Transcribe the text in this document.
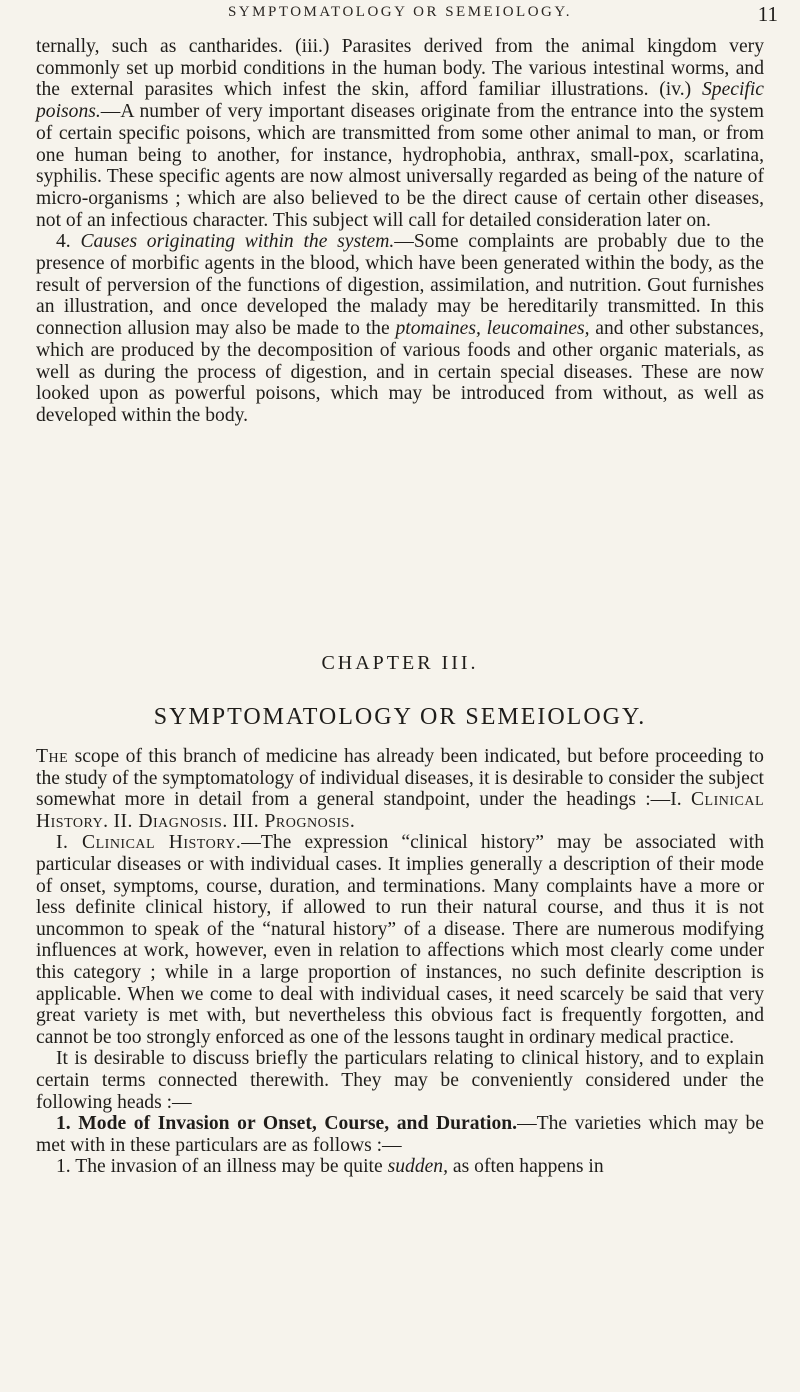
SYMPTOMATOLOGY OR SEMEIOLOGY.	11

ternally, such as cantharides. (iii.) Parasites derived from the animal kingdom very commonly set up morbid conditions in the human body. The various intestinal worms, and the external parasites which infest the skin, afford familiar illustrations. (iv.) Specific poisons.—A number of very important diseases originate from the entrance into the system of certain specific poisons, which are transmitted from some other animal to man, or from one human being to another, for instance, hydrophobia, anthrax, small-pox, scarlatina, syphilis. These specific agents are now almost universally regarded as being of the nature of micro-organisms ; which are also believed to be the direct cause of certain other diseases, not of an infectious character. This subject will call for detailed consideration later on.

4. Causes originating within the system.—Some complaints are probably due to the presence of morbific agents in the blood, which have been generated within the body, as the result of perversion of the functions of digestion, assimilation, and nutrition. Gout furnishes an illustration, and once developed the malady may be hereditarily transmitted. In this connection allusion may also be made to the ptomaines, leucomaines, and other substances, which are produced by the decomposition of various foods and other organic materials, as well as during the process of digestion, and in certain special diseases. These are now looked upon as powerful poisons, which may be introduced from without, as well as developed within the body.

CHAPTER III.
SYMPTOMATOLOGY OR SEMEIOLOGY.

The scope of this branch of medicine has already been indicated, but before proceeding to the study of the symptomatology of individual diseases, it is desirable to consider the subject somewhat more in detail from a general standpoint, under the headings :—I. Clinical History. II. Diagnosis. III. Prognosis.

I. Clinical History.—The expression “clinical history” may be associated with particular diseases or with individual cases. It implies generally a description of their mode of onset, symptoms, course, duration, and terminations. Many complaints have a more or less definite clinical history, if allowed to run their natural course, and thus it is not uncommon to speak of the “natural history” of a disease. There are numerous modifying influences at work, however, even in relation to affections which most clearly come under this category ; while in a large proportion of instances, no such definite description is applicable. When we come to deal with individual cases, it need scarcely be said that very great variety is met with, but nevertheless this obvious fact is frequently forgotten, and cannot be too strongly enforced as one of the lessons taught in ordinary medical practice.

It is desirable to discuss briefly the particulars relating to clinical history, and to explain certain terms connected therewith. They may be conveniently considered under the following heads :—

1. Mode of Invasion or Onset, Course, and Duration.—The varieties which may be met with in these particulars are as follows :—

1. The invasion of an illness may be quite sudden, as often happens in
